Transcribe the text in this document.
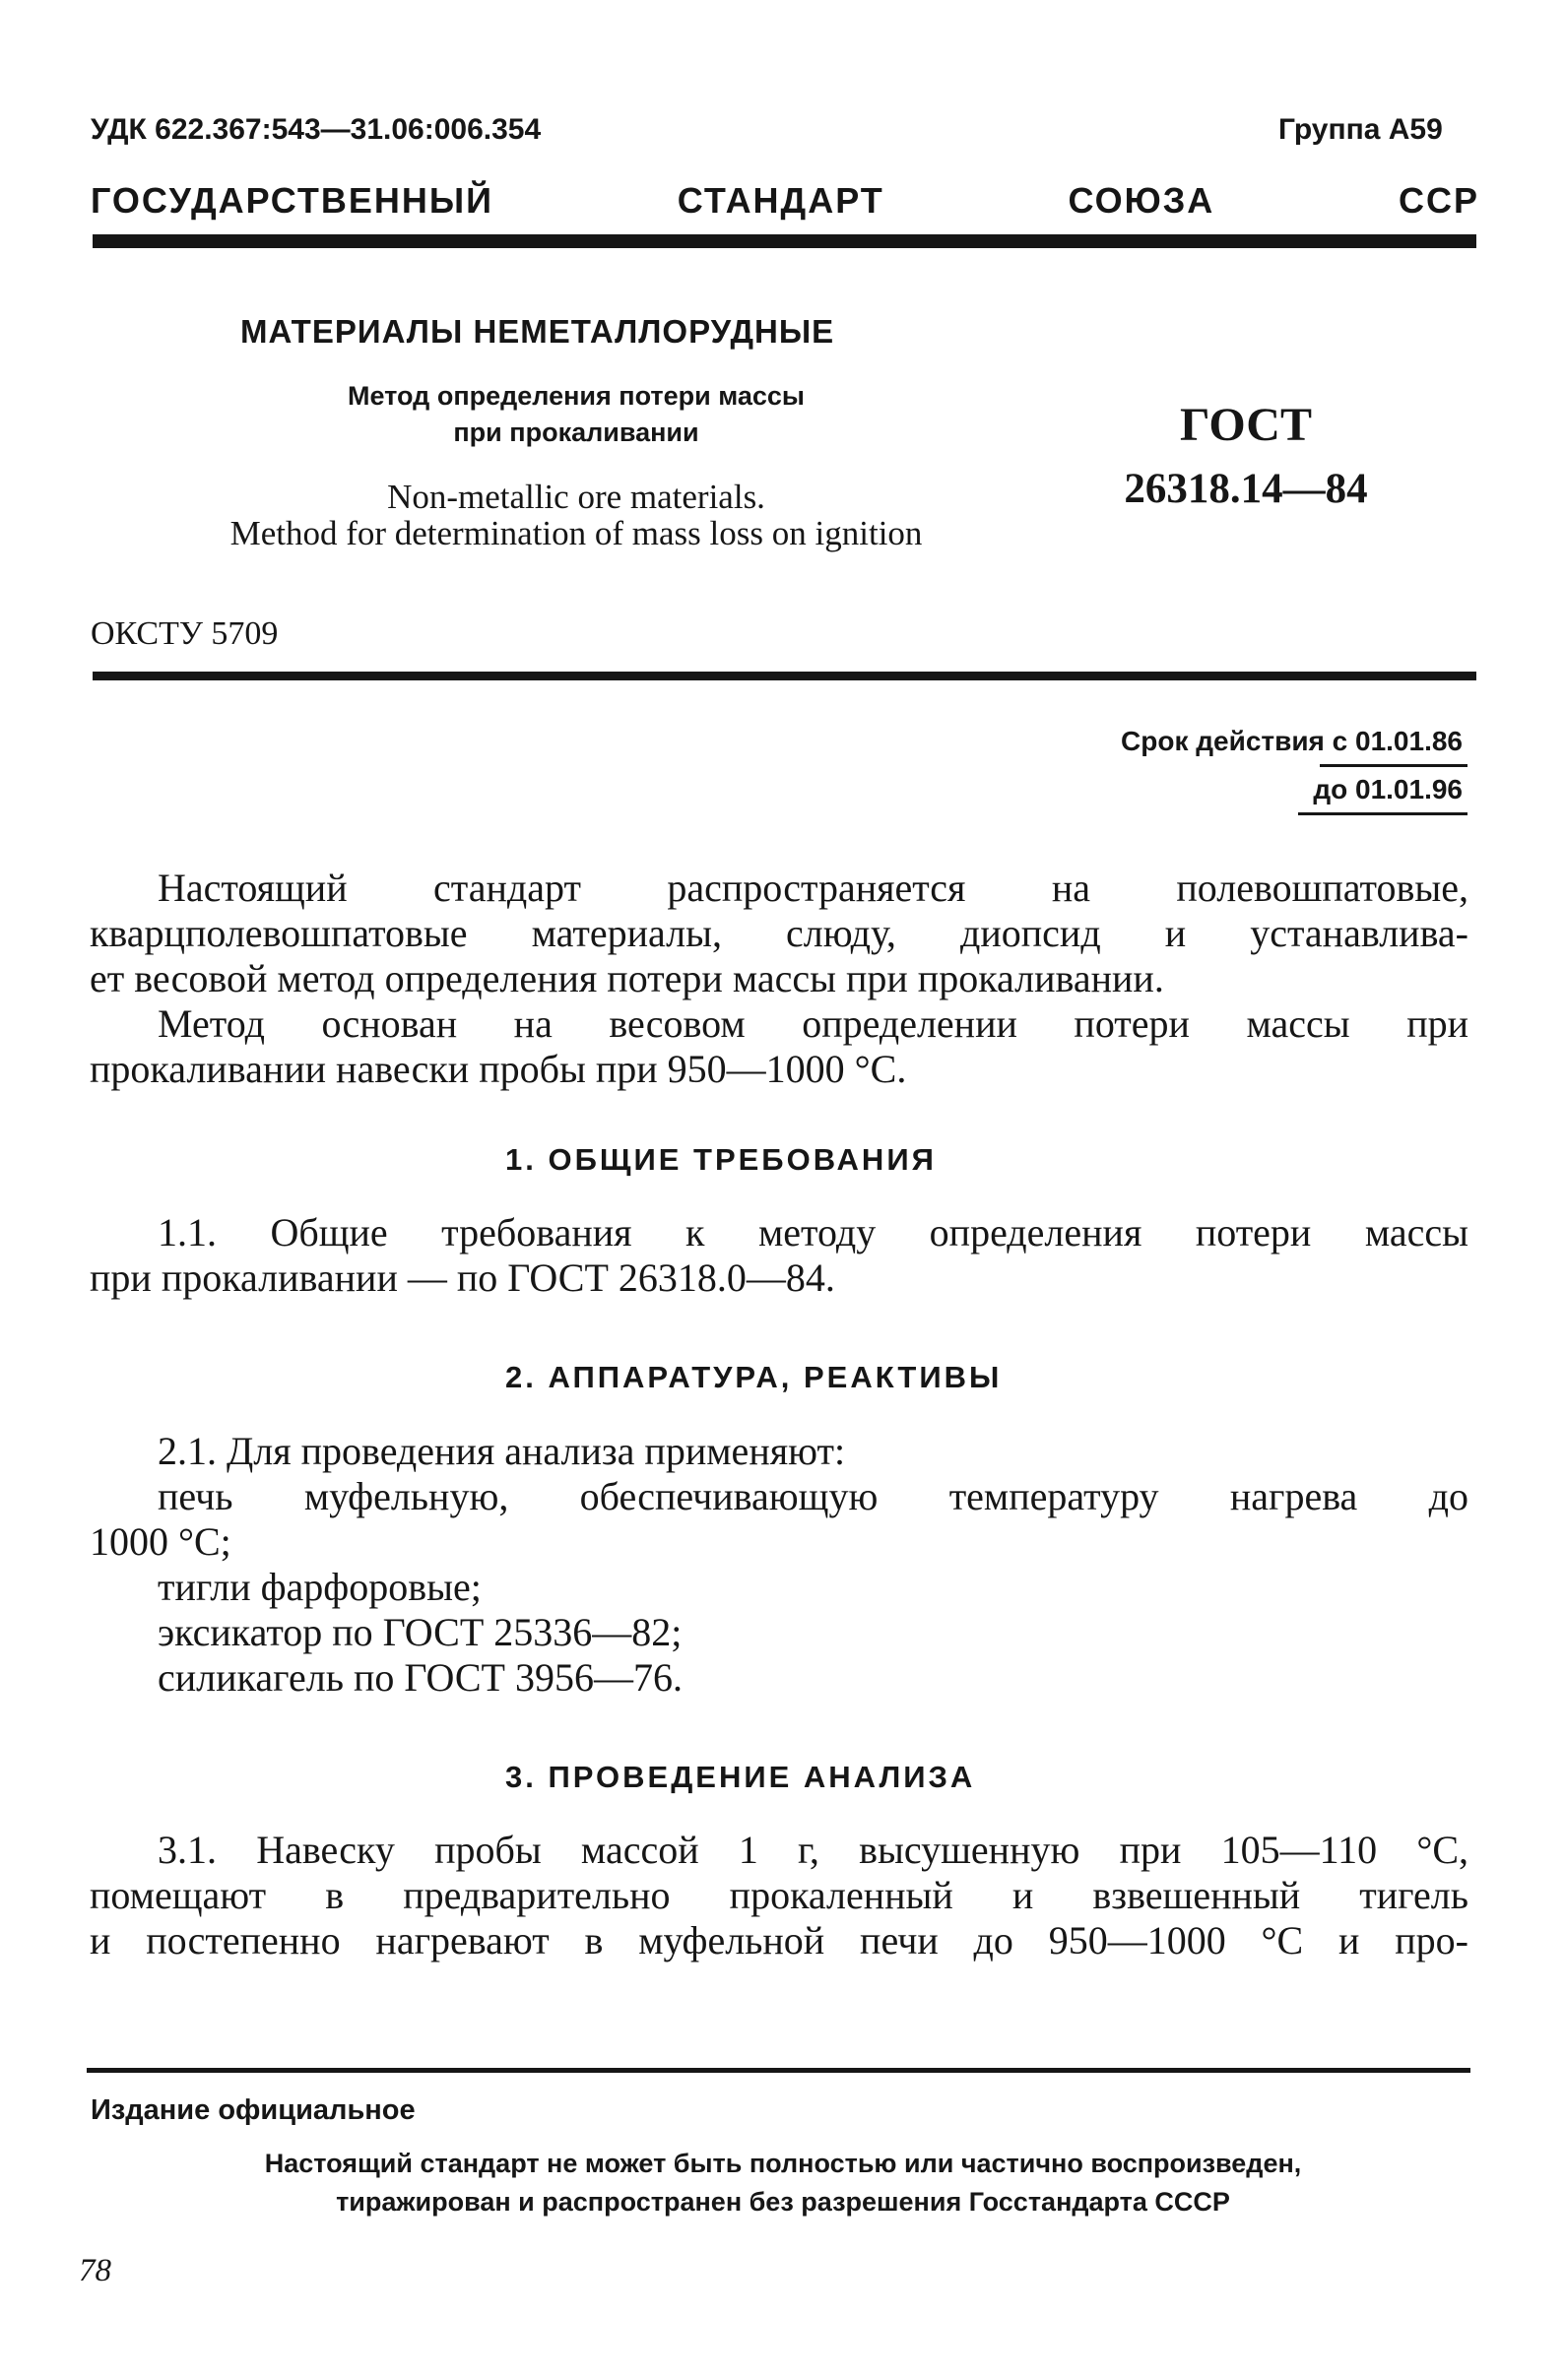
УДК 622.367:543—31.06:006.354	Группа А59
ГОСУДАРСТВЕННЫЙ СТАНДАРТ СОЮЗА ССР
МАТЕРИАЛЫ НЕМЕТАЛЛОРУДНЫЕ
Метод определения потери массы
при прокаливании
Non-metallic ore materials.
Method for determination of mass loss on ignition
ГОСТ
26318.14—84
ОКСТУ 5709
Срок действия с 01.01.86
до 01.01.96
Настоящий стандарт распространяется на полевошпатовые,
кварцполевошпатовые материалы, слюду, диопсид и устанавлива-
ет весовой метод определения потери массы при прокаливании.
Метод основан на весовом определении потери массы при
прокаливании навески пробы при 950—1000 °С.
1. ОБЩИЕ ТРЕБОВАНИЯ
1.1. Общие требования к методу определения потери массы
при прокаливании — по ГОСТ 26318.0—84.
2. АППАРАТУРА, РЕАКТИВЫ
2.1. Для проведения анализа применяют:
печь муфельную, обеспечивающую температуру нагрева до
1000 °С;
тигли фарфоровые;
эксикатор по ГОСТ 25336—82;
силикагель по ГОСТ 3956—76.
3. ПРОВЕДЕНИЕ АНАЛИЗА
3.1. Навеску пробы массой 1 г, высушенную при 105—110 °С,
помещают в предварительно прокаленный и взвешенный тигель
и постепенно нагревают в муфельной печи до 950—1000 °С и про-
Издание официальное
Настоящий стандарт не может быть полностью или частично воспроизведен,
тиражирован и распространен без разрешения Госстандарта СССР
78
